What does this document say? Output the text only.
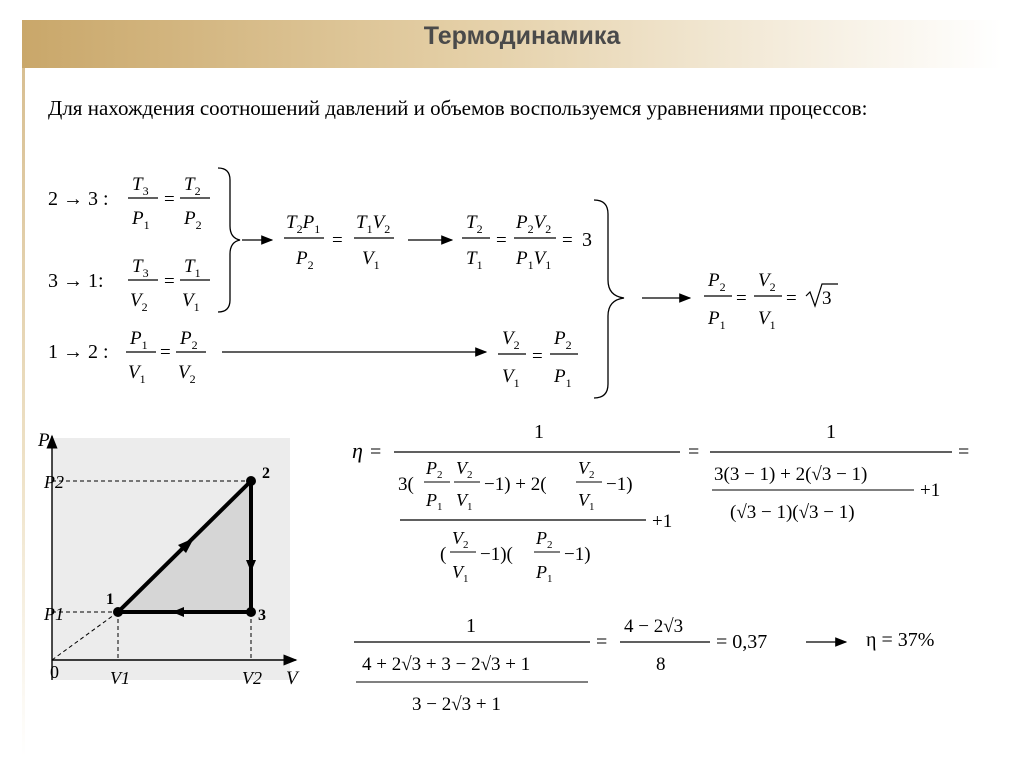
Термодинамика
Для нахождения соотношений давлений и объемов воспользуемся уравнениями процессов:
2 → 3 :
$T_3$
$P_1$
=
$T_2$
$P_2$
3 → 1:
$T_3$
$V_2$
=
$T_1$
$V_1$
1 → 2 :
$P_1$
$V_1$
=
$P_2$
$V_2$
$T_2P_1$
$P_2$
=
$T_1V_2$
$V_1$
$T_2$
$T_1$
=
$P_2V_2$
$P_1V_1$
= 3
$V_2$
$V_1$
=
$P_2$
$P_1$
$P_2$
$P_1$
=
$V_2$
$V_1$
= 3
η =
1
3(
$P_2$
$P_1$
$V_2$
$V_1$
−1) + 2(
$V_2$
$V_1$
−1)
+1
(
$V_2$
$V_1$
−1)(
$P_2$
$P_1$
−1)
=
1
3(3 − 1) + 2(√3 − 1)
(√3 − 1)(√3 − 1)
+1
=
1
4 + 2√3 + 3 − 2√3 + 1
3 − 2√3 + 1
=
4 − 2√3
8
= 0,37	η = 37%
P
V
0
P2
P1
V1	V2
1
2
3
